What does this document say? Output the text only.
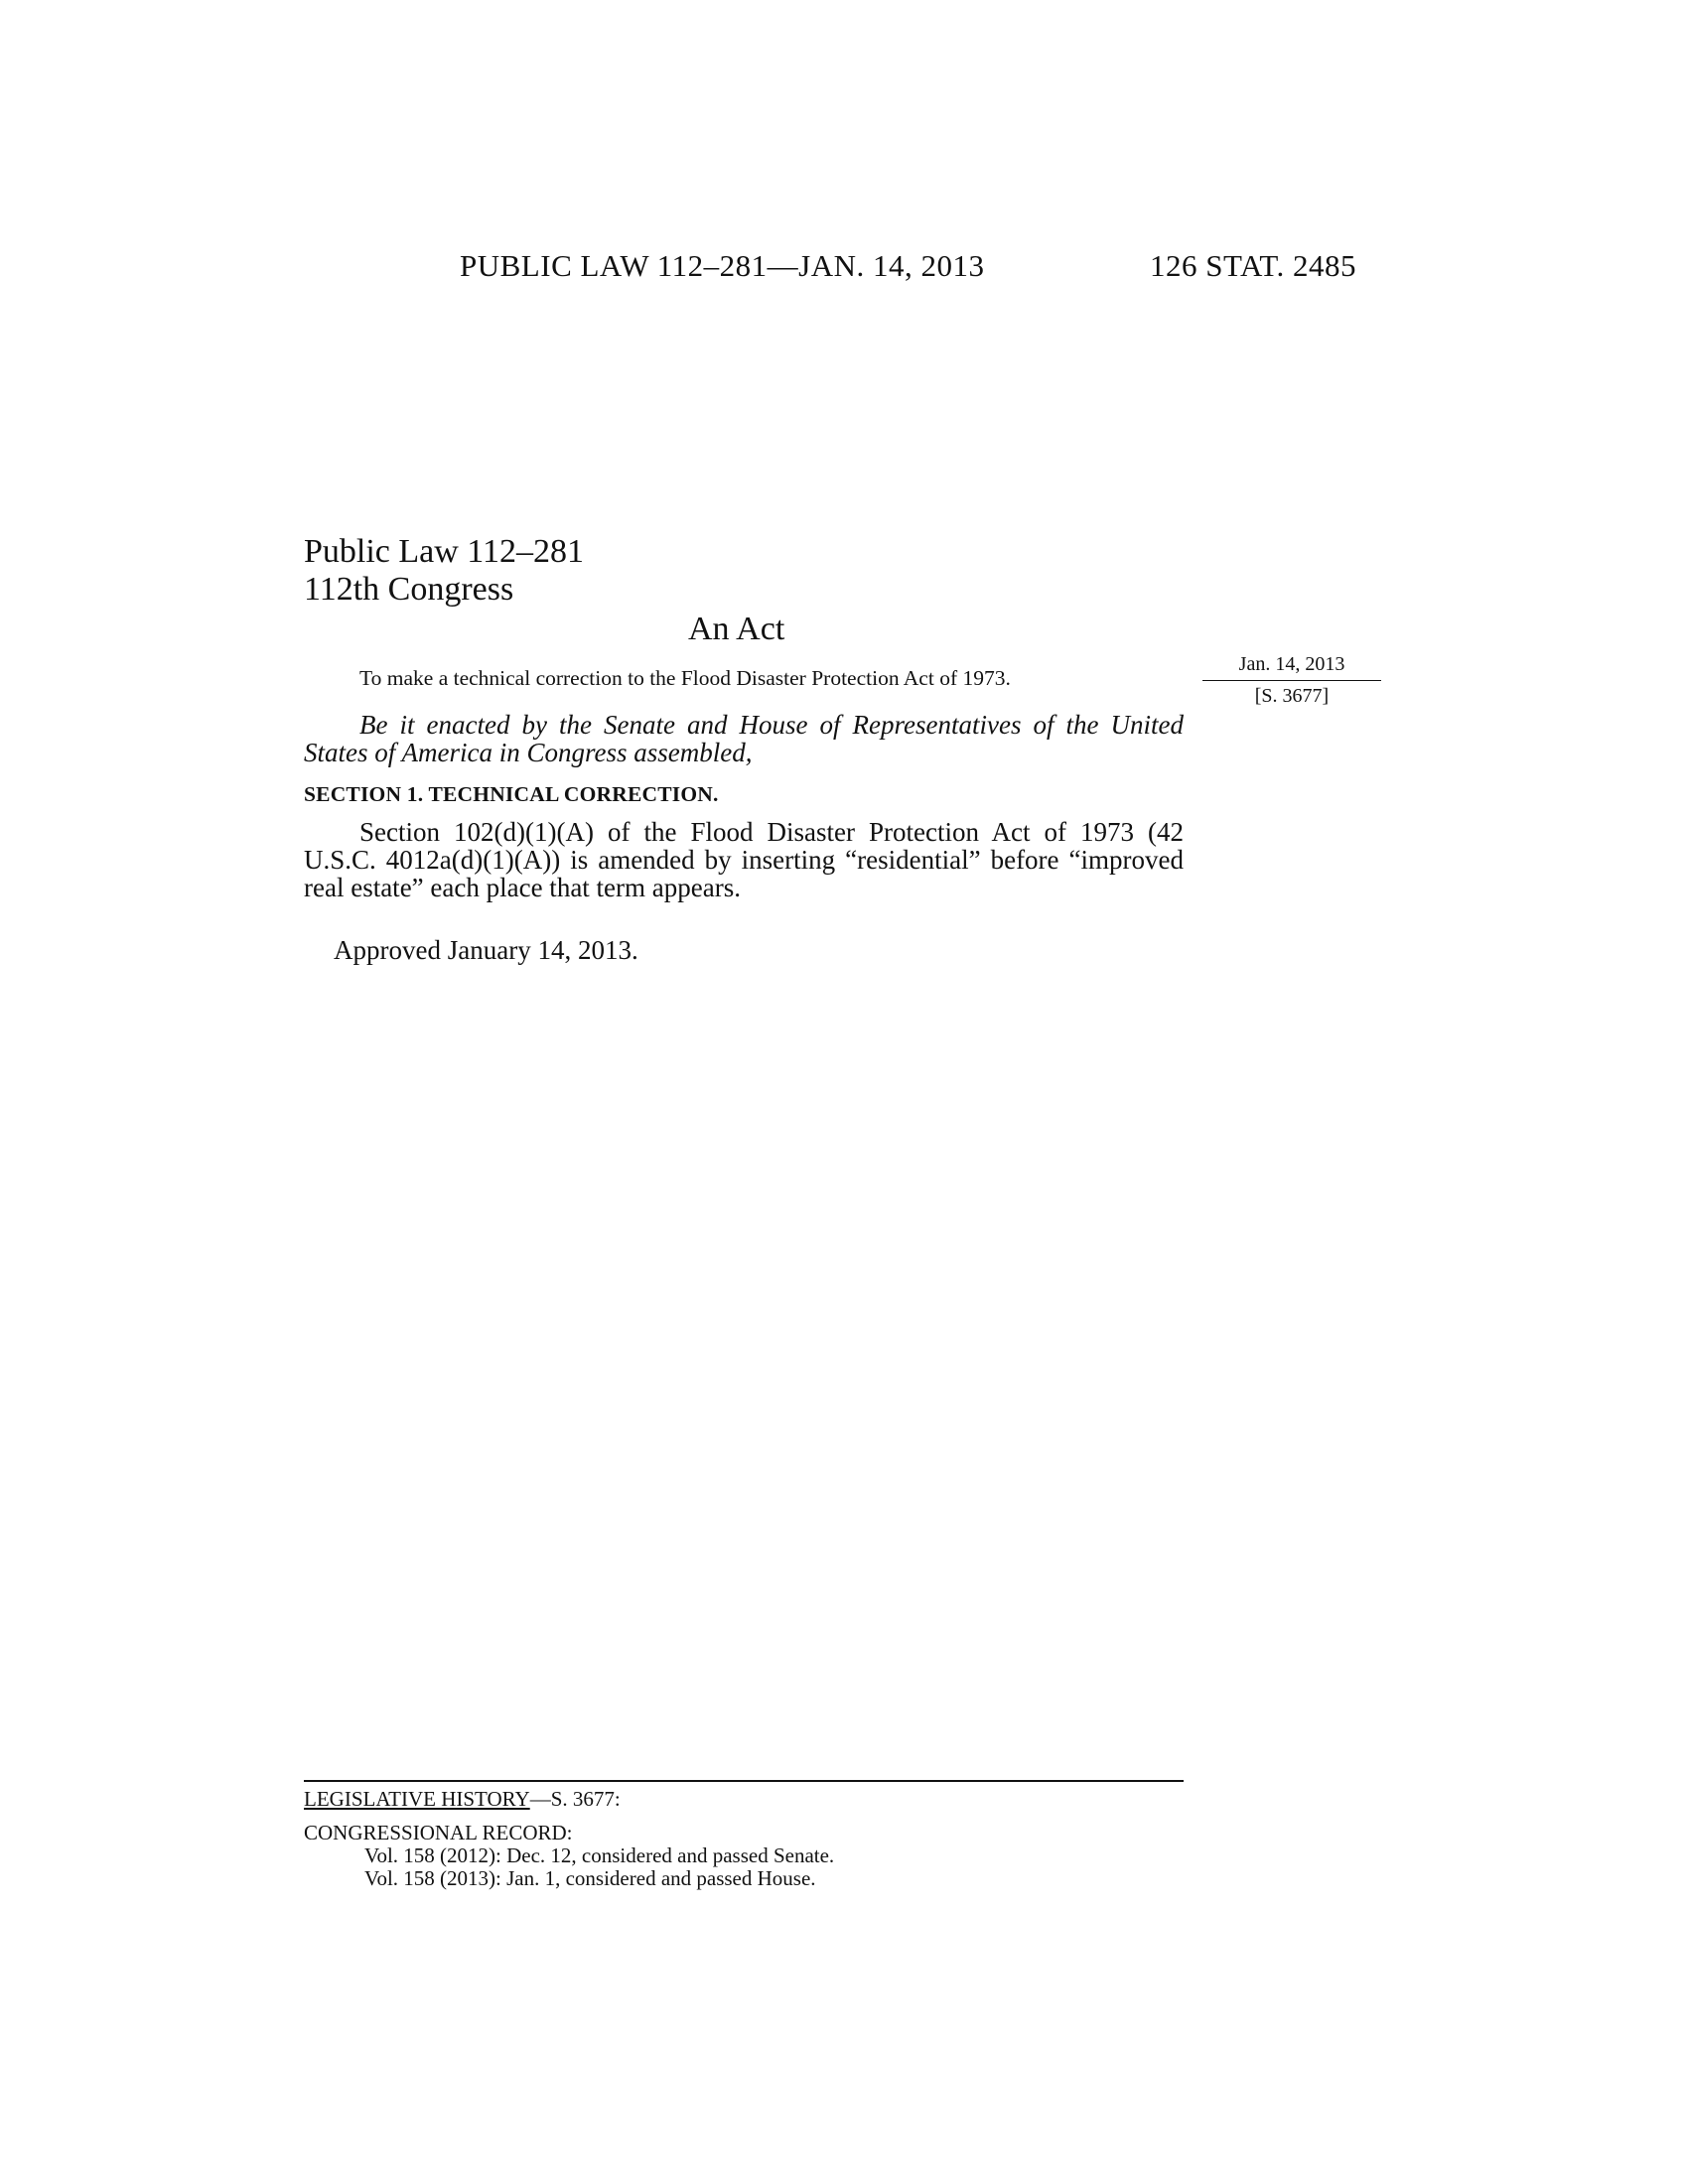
PUBLIC LAW 112–281—JAN. 14, 2013	126 STAT. 2485
Public Law 112–281
112th Congress
An Act
To make a technical correction to the Flood Disaster Protection Act of 1973.
Jan. 14, 2013
[S. 3677]

Be it enacted by the Senate and House of Representatives of the United States of America in Congress assembled,

SECTION 1. TECHNICAL CORRECTION.

Section 102(d)(1)(A) of the Flood Disaster Protection Act of 1973 (42 U.S.C. 4012a(d)(1)(A)) is amended by inserting “residential” before “improved real estate” each place that term appears.

Approved January 14, 2013.
LEGISLATIVE HISTORY—S. 3677:
CONGRESSIONAL RECORD:
Vol. 158 (2012): Dec. 12, considered and passed Senate.
Vol. 158 (2013): Jan. 1, considered and passed House.
